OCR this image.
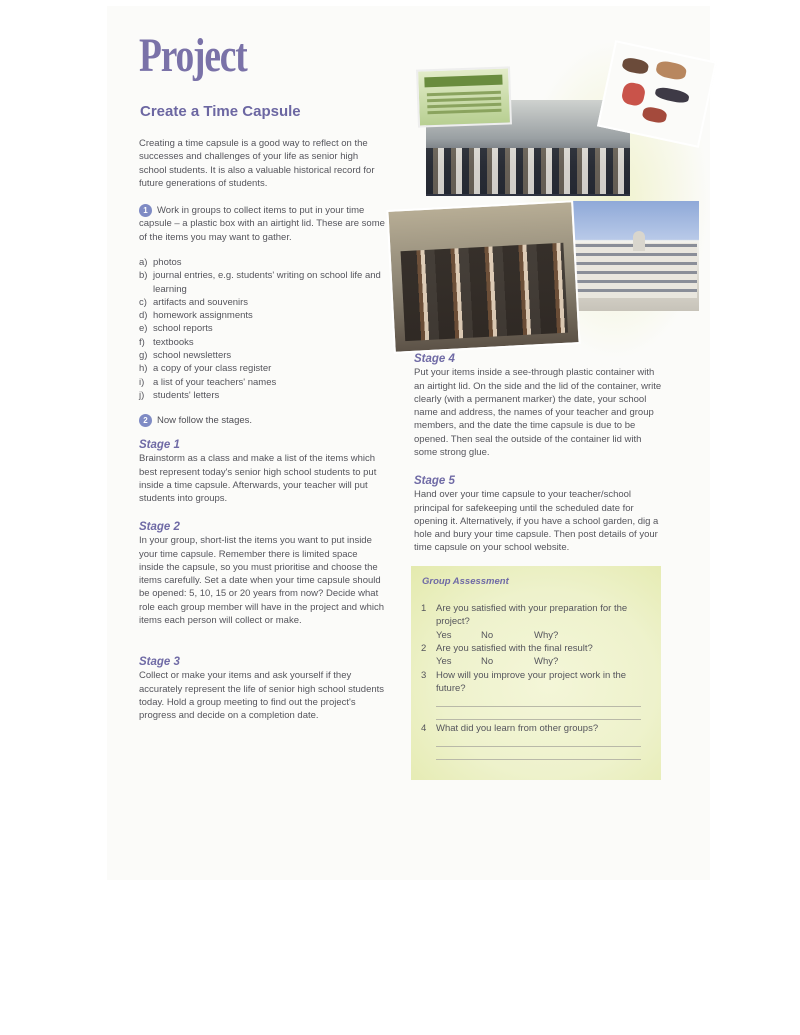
Project
Create a Time Capsule

Creating a time capsule is a good way to reflect on the successes and challenges of your life as senior high school students. It is also a valuable historical record for future generations of students.

1 Work in groups to collect items to put in your time capsule – a plastic box with an airtight lid. These are some of the items you may want to gather.

a) photos
b) journal entries, e.g. students' writing on school life and learning
c) artifacts and souvenirs
d) homework assignments
e) school reports
f) textbooks
g) school newsletters
h) a copy of your class register
i) a list of your teachers' names
j) students' letters
2 Now follow the stages.

Stage 1

Brainstorm as a class and make a list of the items which best represent today's senior high school students to put inside a time capsule. Afterwards, your teacher will put students into groups.

Stage 2

In your group, short-list the items you want to put inside your time capsule. Remember there is limited space inside the capsule, so you must prioritise and choose the items carefully. Set a date when your time capsule should be opened: 5, 10, 15 or 20 years from now? Decide what role each group member will have in the project and which items each person will collect or make.

Stage 3

Collect or make your items and ask yourself if they accurately represent the life of senior high school students today. Hold a group meeting to find out the project's progress and decide on a completion date.

Stage 4

Put your items inside a see-through plastic container with an airtight lid. On the side and the lid of the container, write clearly (with a permanent marker) the date, your school name and address, the names of your teacher and group members, and the date the time capsule is due to be opened. Then seal the outside of the container lid with some strong glue.

Stage 5

Hand over your time capsule to your teacher/school principal for safekeeping until the scheduled date for opening it. Alternatively, if you have a school garden, dig a hole and bury your time capsule. Then post details of your time capsule on your school website.

Group Assessment

1	Are you satisfied with your preparation for the project?
Yes	No	Why?
2	Are you satisfied with the final result?
Yes	No	Why?
3	How will you improve your project work in the future?
4	What did you learn from other groups?
